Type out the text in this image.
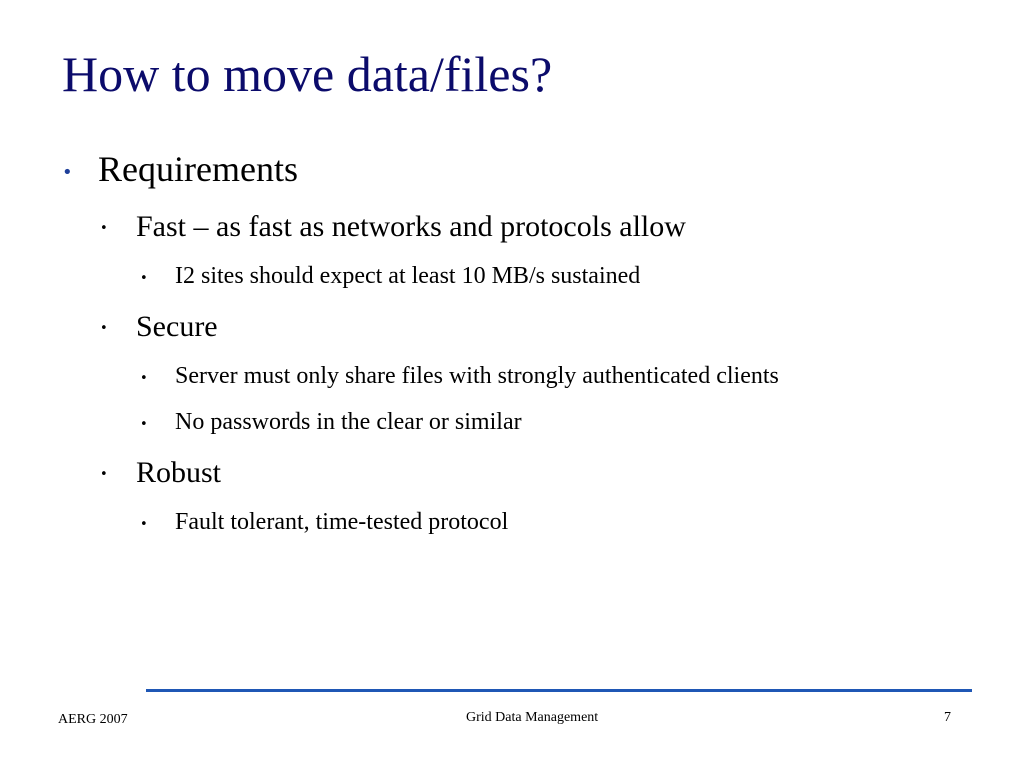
How to move data/files?
• Requirements
• Fast – as fast as networks and protocols allow
• I2 sites should expect at least 10 MB/s sustained
• Secure
• Server must only share files with strongly authenticated clients
• No passwords in the clear or similar
• Robust
• Fault tolerant, time-tested protocol
AERG 2007	Grid Data Management	7
